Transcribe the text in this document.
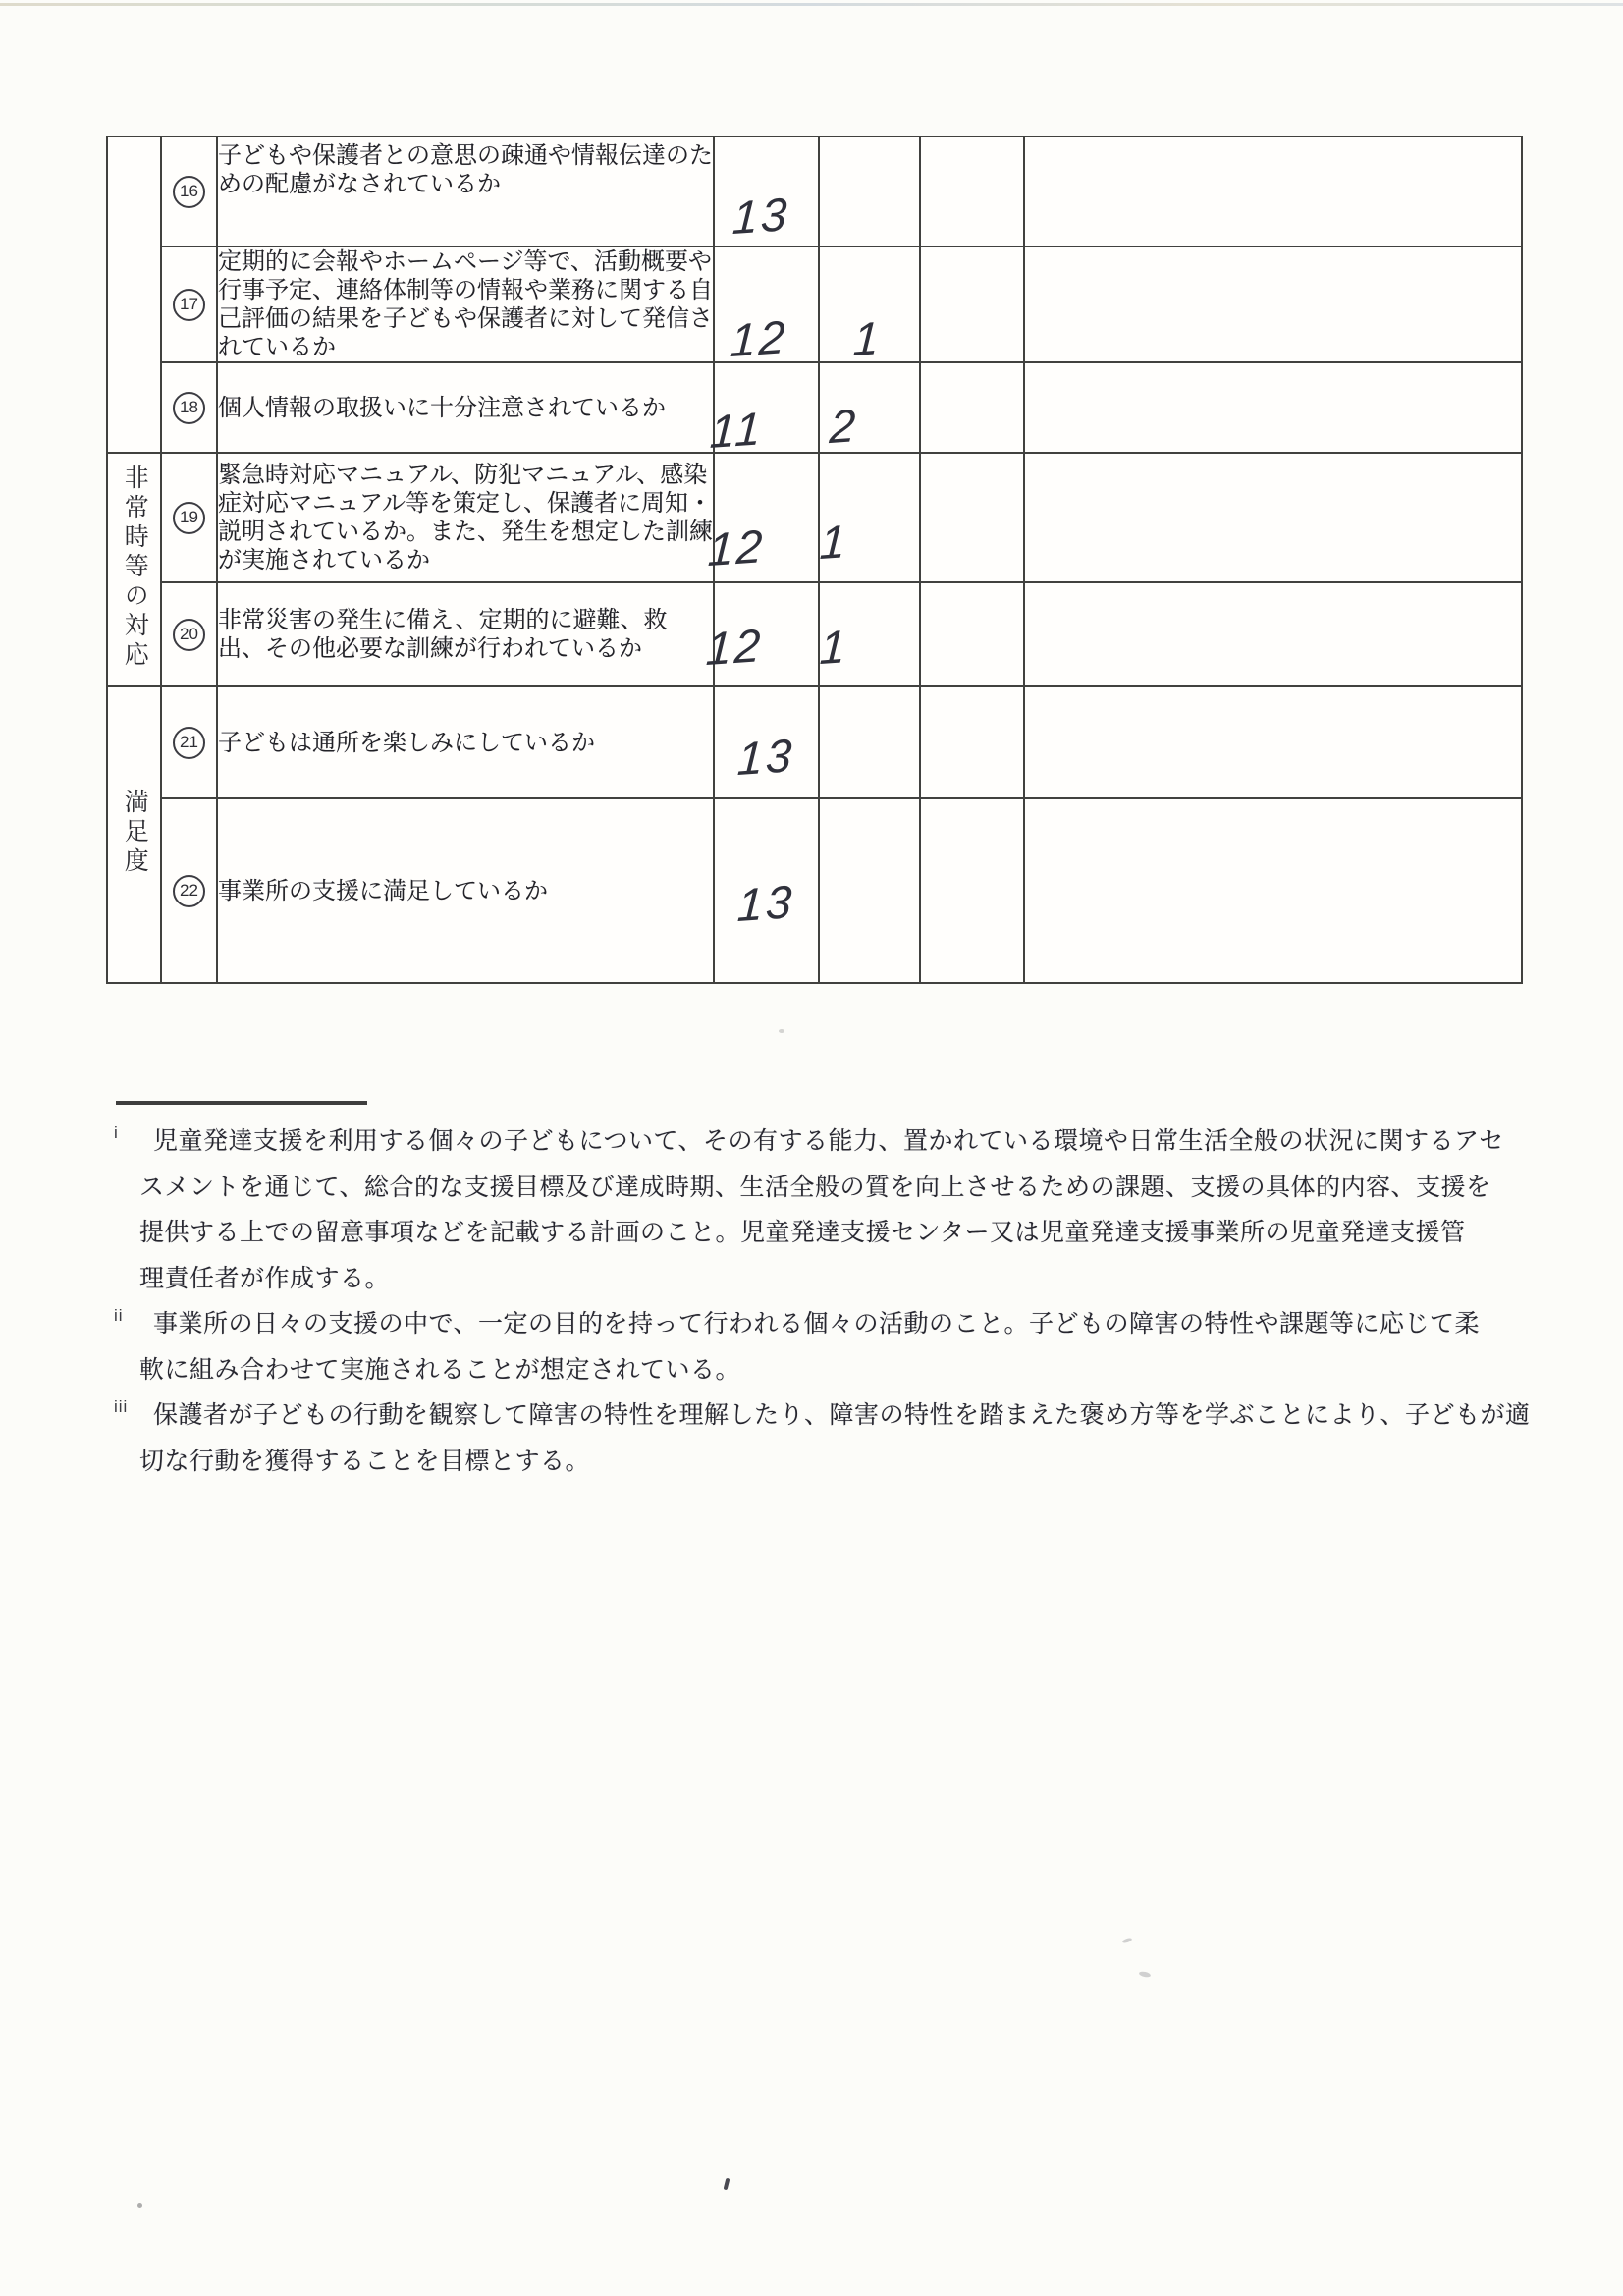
	16	子どもや保護者との意思の疎通や情報伝達のための配慮がなされているか	13			
	17	定期的に会報やホームページ等で、活動概要や行事予定、連絡体制等の情報や業務に関する自己評価の結果を子どもや保護者に対して発信されているか	12	1		
	18	個人情報の取扱いに十分注意されているか	11	2		
非常時等の対応	19	緊急時対応マニュアル、防犯マニュアル、感染症対応マニュアル等を策定し、保護者に周知・説明されているか。また、発生を想定した訓練が実施されているか	12	1		
	20	非常災害の発生に備え、定期的に避難、救出、その他必要な訓練が行われているか	12	1		
満足度	21	子どもは通所を楽しみにしているか	13			
	22	事業所の支援に満足しているか	13			
i	児童発達支援を利用する個々の子どもについて、その有する能力、置かれている環境や日常生活全般の状況に関するアセ
スメントを通じて、総合的な支援目標及び達成時期、生活全般の質を向上させるための課題、支援の具体的内容、支援を
提供する上での留意事項などを記載する計画のこと。児童発達支援センター又は児童発達支援事業所の児童発達支援管
理責任者が作成する。
ii	事業所の日々の支援の中で、一定の目的を持って行われる個々の活動のこと。子どもの障害の特性や課題等に応じて柔
軟に組み合わせて実施されることが想定されている。
iii	保護者が子どもの行動を観察して障害の特性を理解したり、障害の特性を踏まえた褒め方等を学ぶことにより、子どもが適
切な行動を獲得することを目標とする。
